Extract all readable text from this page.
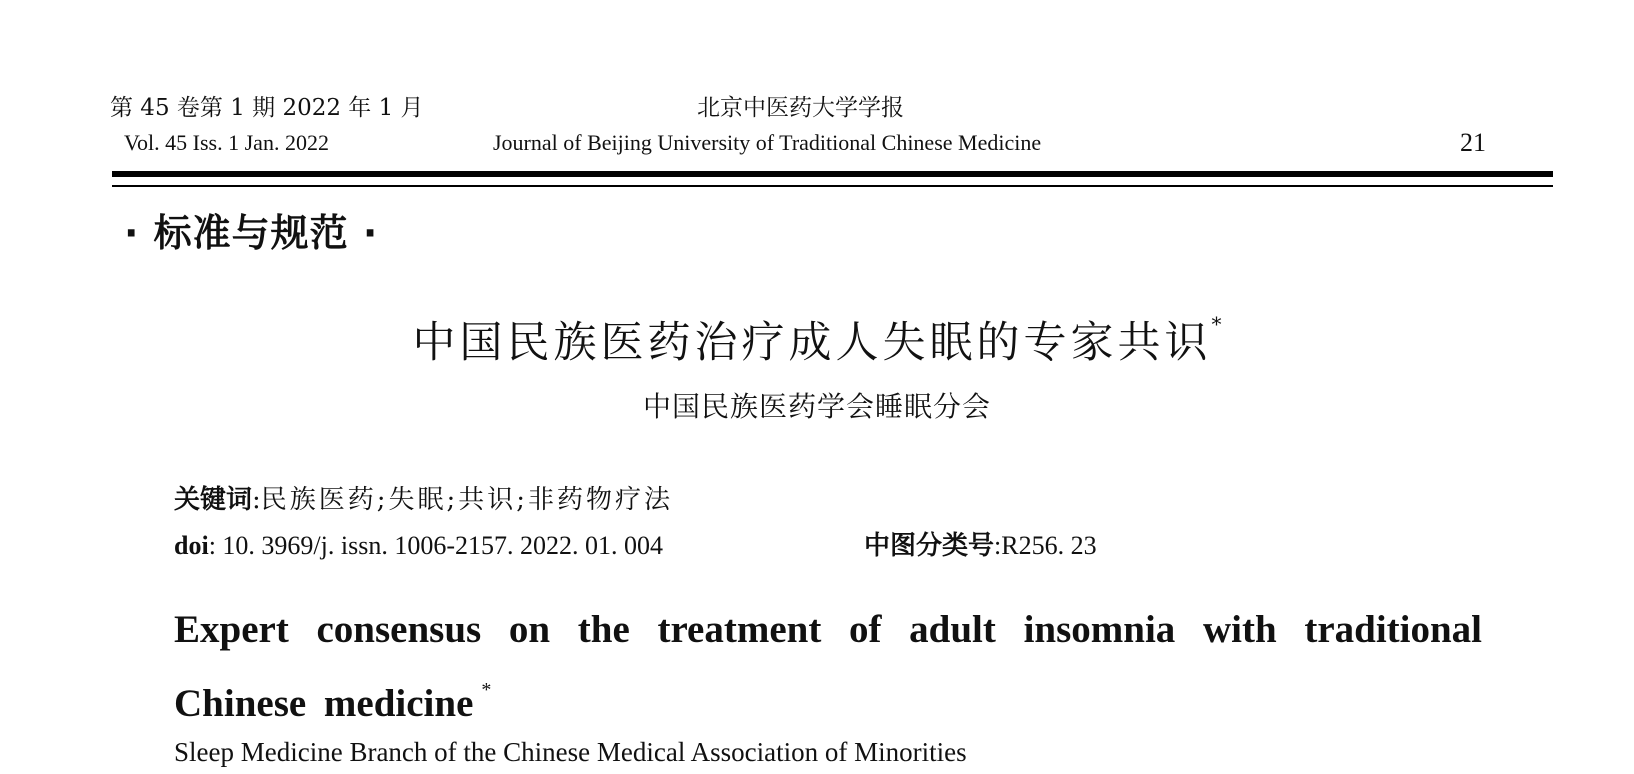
第 45 卷第 1 期 2022 年 1 月
Vol. 45 Iss. 1 Jan. 2022
北京中医药大学学报
Journal of Beijing University of Traditional Chinese Medicine	21
· 标准与规范 ·
中国民族医药治疗成人失眠的专家共识*
中国民族医药学会睡眠分会
关键词:民族医药;失眠;共识;非药物疗法
doi: 10. 3969/j. issn. 1006-2157. 2022. 01. 004	中图分类号:R256. 23
Expert consensus on the treatment of adult insomnia with traditional Chinese medicine *
Sleep Medicine Branch of the Chinese Medical Association of Minorities
